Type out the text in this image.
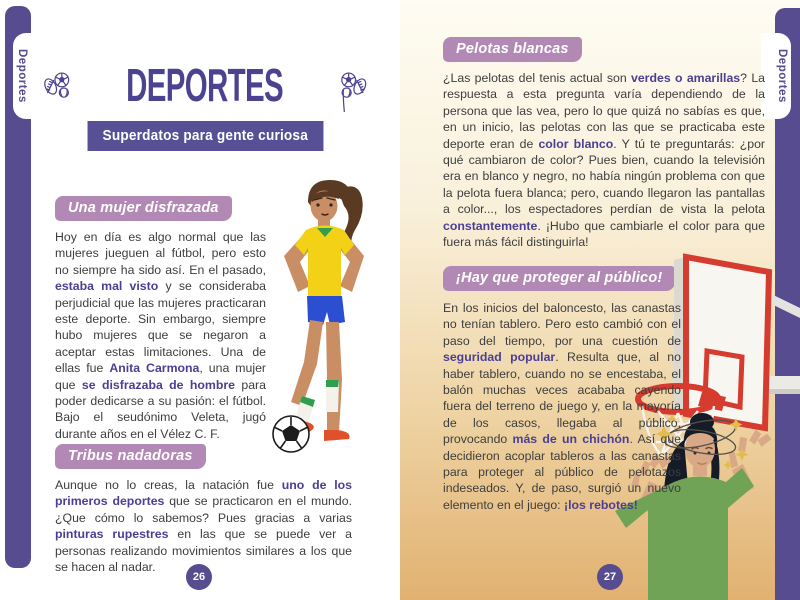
Deportes	Deportes
DEPORTES
Superdatos para gente curiosa
Una mujer disfrazada
Hoy en día es algo normal que las mujeres jueguen al fútbol, pero esto no siempre ha sido así. En el pasado, estaba mal visto y se consideraba perjudicial que las mujeres practicaran este deporte. Sin embargo, siempre hubo mujeres que se negaron a aceptar estas limitaciones. Una de ellas fue Anita Carmona, una mujer que se disfrazaba de hombre para poder dedicarse a su pasión: el fútbol. Bajo el seudónimo Veleta, jugó durante años en el Vélez C. F.
Tribus nadadoras
Aunque no lo creas, la natación fue uno de los primeros deportes que se practicaron en el mundo. ¿Que cómo lo sabemos? Pues gracias a varias pinturas rupestres en las que se puede ver a personas realizando movimientos similares a los que se hacen al nadar.
26
Pelotas blancas
¿Las pelotas del tenis actual son verdes o amarillas? La respuesta a esta pregunta varía dependiendo de la persona que las vea, pero lo que quizá no sabías es que, en un inicio, las pelotas con las que se practicaba este deporte eran de color blanco. Y tú te preguntarás: ¿por qué cambiaron de color? Pues bien, cuando la televisión era en blanco y negro, no había ningún problema con que la pelota fuera blanca; pero, cuando llegaron las pantallas a color..., los espectadores perdían de vista la pelota constantemente. ¡Hubo que cambiarle el color para que fuera más fácil distinguirla!
¡Hay que proteger al público!
En los inicios del baloncesto, las canastas no tenían tablero. Pero esto cambió con el paso del tiempo, por una cuestión de seguridad popular. Resulta que, al no haber tablero, cuando no se encestaba, el balón muchas veces acababa cayendo fuera del terreno de juego y, en la mayoría de los casos, llegaba al público, provocando más de un chichón. Así que decidieron acoplar tableros a las canastas para proteger al público de pelotazos indeseados. Y, de paso, surgió un nuevo elemento en el juego: ¡los rebotes!
27
